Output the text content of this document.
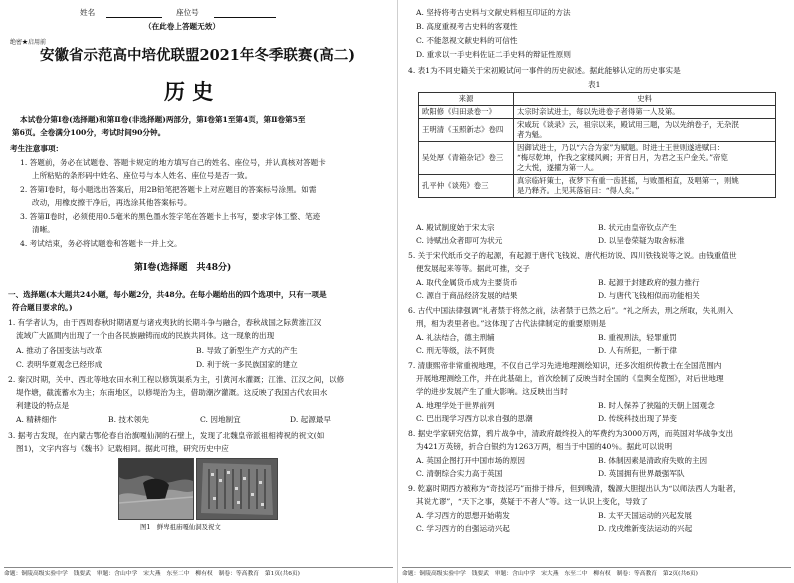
姓名	座位号
（在此卷上答题无效）
绝密★启用前
安徽省示范高中培优联盟2021年冬季联赛(高二)
历 史
本试卷分第Ⅰ卷(选择题)和第Ⅱ卷(非选择题)两部分，第Ⅰ卷第1至第4页，第Ⅱ卷第5至
第6页。全卷满分100分，考试时间90分钟。
考生注意事项：
1. 答题前，务必在试题卷、答题卡规定的地方填写自己的姓名、座位号，并认真核对答题卡
上所粘贴的条形码中姓名、座位号与本人姓名、座位号是否一致。
2. 答第Ⅰ卷时，每小题选出答案后，用2B铅笔把答题卡上对应题目的答案标号涂黑。如需
改动，用橡皮擦干净后，再选涂其他答案标号。
3. 答第Ⅱ卷时，必须使用0.5毫米的黑色墨水签字笔在答题卡上书写，要求字体工整、笔迹
清晰。
4. 考试结束，务必将试题卷和答题卡一并上交。
第Ⅰ卷(选择题　共48分)
一、选择题(本大题共24小题，每小题2分，共48分。在每小题给出的四个选项中，只有一项是
符合题目要求的。)
1. 有学者认为，由于西周春秋时期诸夏与诸戎夷狄的长期斗争与融合，春秋战国之际黄淮江汉
流域广大區間内出现了一个由各民族融铸而成的民族共同体。这一现象的出现
A. 推动了各国变法与改革	B. 导致了新型生产方式的产生
C. 表明华夏观念已经形成	D. 利于统一多民族国家的建立
2. 秦汉时期，关中、西北等地农田水利工程以修筑渠系为主，引黄河水灌溉；江淮、江汉之间，以修
堤作塘，截流蓄水为主；东南地区，以修堤治为主，借助潮汐灌溉。这反映了我国古代农田水
利建设的特点是
A. 精耕细作	B. 技术领先	C. 因地制宜	D. 起源最早
3. 据考古发现，在内蒙古鄂伦春自治旗嘎仙洞的石壁上，发现了北魏皇帝派祖相祷祝的祝文(如
图1)，文字内容与《魏书》记载相同。据此可推，研究历史中应
图1　鲜卑祖庙嘎仙洞及祝文
命题：铜陵高级实验中学　钱要武　审题：含山中学　宋大燕　东至二中　柳有权　制卷：等高教育　第1页(共6页)
A. 坚持将考古史料与文献史料相互印证的方法
B. 高度重视考古史料的客观性
C. 不能忽视文献史料的可信性
D. 重求以一手史料佐证二手史料的辩证性原则
4. 表1为不同史籍关于宋初殿试问一事件的历史叙述。据此能够认定的历史事实是
表1
来源	史料
欧阳修《归田录卷一》	太宗时亲试进士，每以先进卷子者得第一人及第。
王明清《玉照新志》卷四	宋咸玩《谈录》云，祖宗以来，殿试用三题，为以先纳卷子，无杂泯
者为魁。

吴处厚《青箱杂记》卷三	因御试进士，乃以“六合为家”为赋题。时进士王世则遂进赋曰：
“梅尽乾坤，作我之家楼风阙；开宵日月，为君之玉户金关。”帝览
之大悦，遂擢为第一人。

孔平仲《谈苑》卷三	真宗临轩策士，夜梦下有重一齿甚摇，与败墨相直，及唱第一，则姚
是乃释齐。上见其落宿曰：“得人矣。”
A. 殿试制度始于宋太宗	B. 状元由皇帝钦点产生
C. 诗赋出众者即可为状元	D. 以呈卷荣疑为取舍标准
5. 关于宋代纸币交子的起源，有起源于唐代飞钱说、唐代柜坊说、四川铁钱说等之说。由钱重值世
便发展起来等等。据此可推，交子
A. 取代金属货币成为主要货币	B. 起源于封建政府的强力推行
C. 源自于商品经济发展的结果	D. 与唐代飞钱相似而功能相关
6. 古代中国法律强调“礼者禁于将然之前，法者禁于已然之后”。“礼之所去，刑之所取，失礼则入
刑，相为表里者也。”这体现了古代法律制定的重要原则是
A. 礼法结合，德主刑辅	B. 重视刑法，轻罪重罚
C. 刑无等级，法不阿贵	D. 人有所犯，一断于律
7. 清康熙帝非常重视地理，不仅自己学习先进地理测绘知识，还多次组织传教士在全国范围内
开展地理测绘工作，并在此基础上，首次绘制了反映当时全国的《皇舆全览图》，对后世地理
学的进步发展产生了重大影响。这反映出当时
A. 地理学处于世界前列	B. 时人保养了狭隘的天朝上国观念
C. 巴出现学习西方以求自强的思潮	D. 传统科技出现了异变
8. 据史学家研究估算，鸦片战争中，清政府最终投入的军费约为3000万两，而英国对华战争支出
为421万英镑，折合白银约为1263万两，相当于中国的40％。据此可以说明
A. 英国企图打开中国市场的原因	B. 体制因素是清政府失败的主因
C. 清朝综合实力高于英国	D. 英国拥有世界最强军队
9. 乾嘉时期西方被称为“奇技淫巧”而排于排斥，但到晚清，魏源大胆提出认为“以师法西人为耻者，
其说尤谬”，“天下之事，莫疑于不者人”等。这一认识上变化，导致了
A. 学习西方的思想开始萌发	B. 太平天国运动的兴起发展
C. 学习西方的自强运动兴起	D. 戊戌维新变法运动的兴起
命题：铜陵高级实验中学　钱要武　审题：含山中学　宋大燕　东至二中　柳有权　制卷：等高教育　第2页(共6页)
